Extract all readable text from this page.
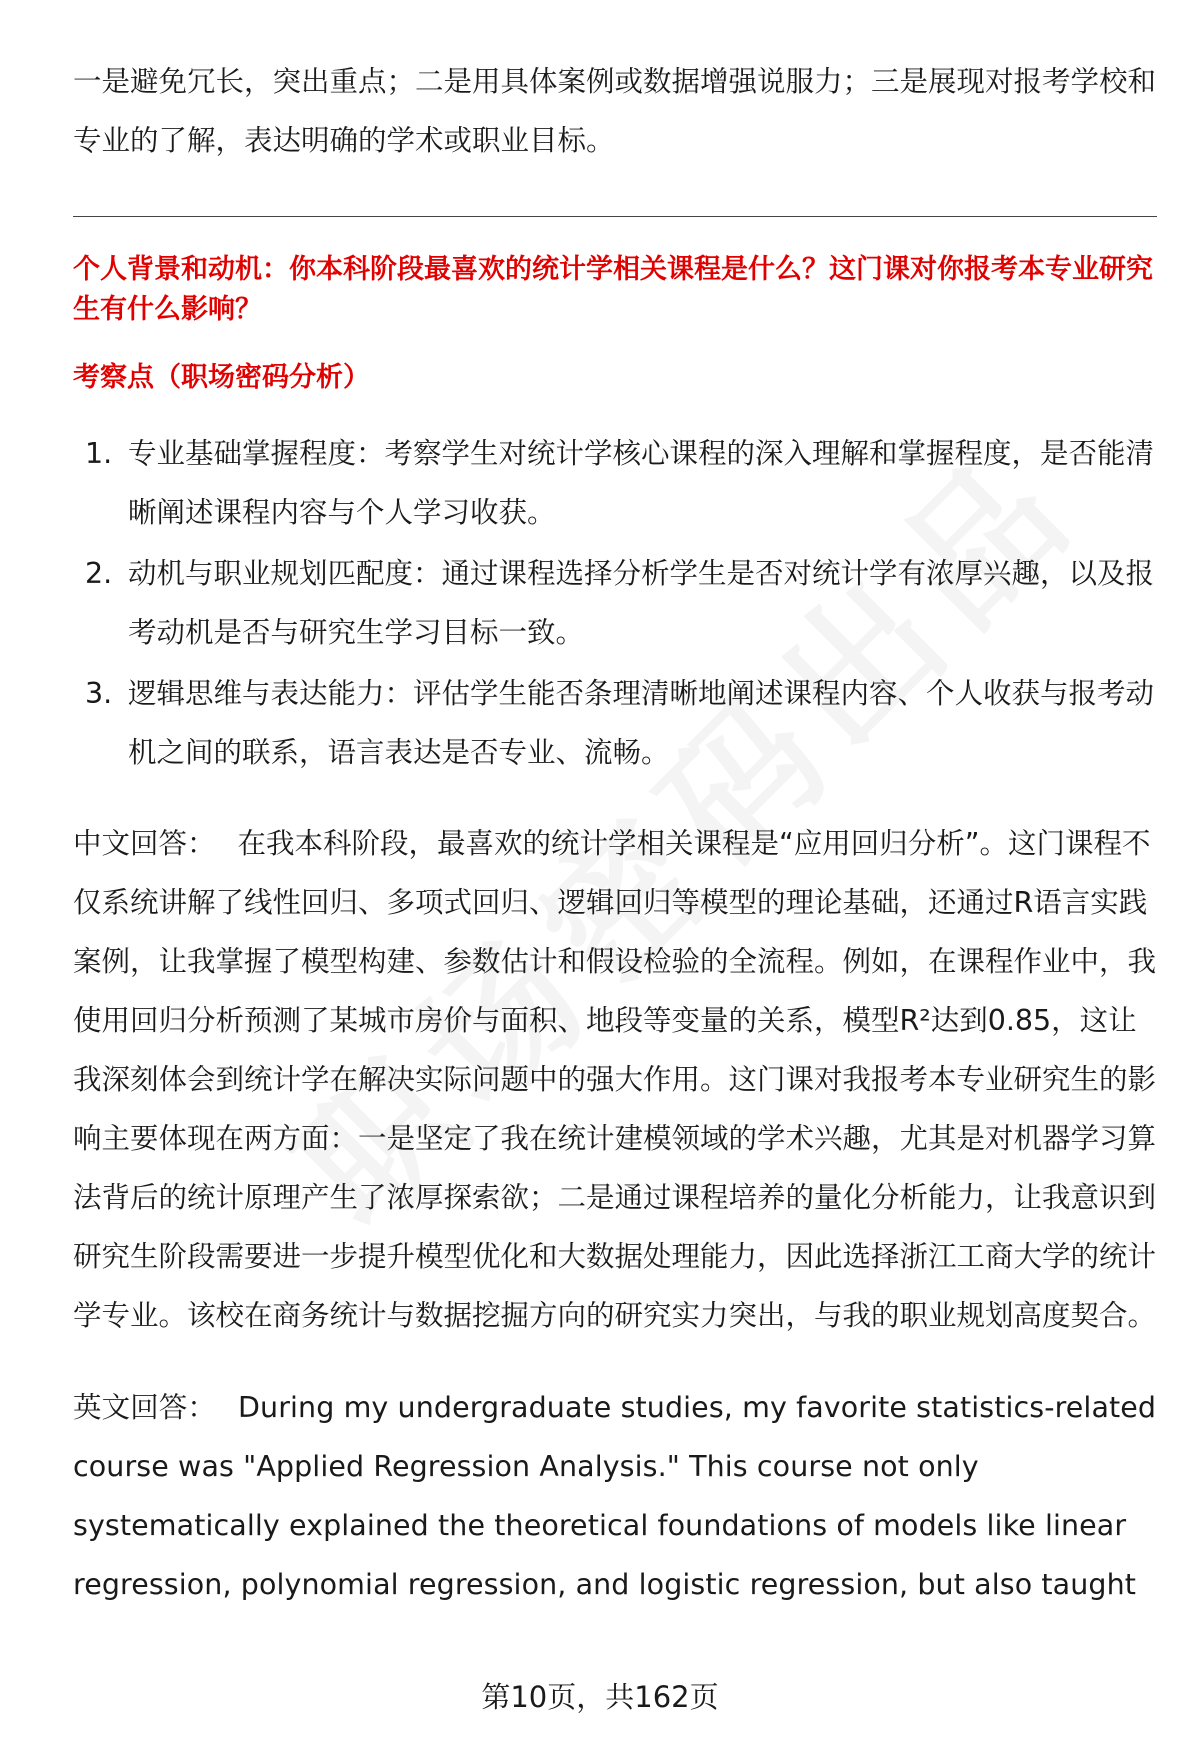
一是避免冗长，突出重点；二是用具体案例或数据增强说服力；三是展现对报考学校和专业的了解，表达明确的学术或职业目标。

个人背景和动机：你本科阶段最喜欢的统计学相关课程是什么？这门课对你报考本专业研究生有什么影响？
考察点（职场密码分析）
1. 专业基础掌握程度：考察学生对统计学核心课程的深入理解和掌握程度，是否能清晰阐述课程内容与个人学习收获。
2. 动机与职业规划匹配度：通过课程选择分析学生是否对统计学有浓厚兴趣，以及报考动机是否与研究生学习目标一致。
3. 逻辑思维与表达能力：评估学生能否条理清晰地阐述课程内容、个人收获与报考动机之间的联系，语言表达是否专业、流畅。

中文回答： 在我本科阶段，最喜欢的统计学相关课程是“应用回归分析”。这门课程不仅系统讲解了线性回归、多项式回归、逻辑回归等模型的理论基础，还通过R语言实践案例，让我掌握了模型构建、参数估计和假设检验的全流程。例如，在课程作业中，我使用回归分析预测了某城市房价与面积、地段等变量的关系，模型R²达到0.85，这让我深刻体会到统计学在解决实际问题中的强大作用。这门课对我报考本专业研究生的影响主要体现在两方面：一是坚定了我在统计建模领域的学术兴趣，尤其是对机器学习算法背后的统计原理产生了浓厚探索欲；二是通过课程培养的量化分析能力，让我意识到研究生阶段需要进一步提升模型优化和大数据处理能力，因此选择浙江工商大学的统计学专业。该校在商务统计与数据挖掘方向的研究实力突出，与我的职业规划高度契合。

英文回答： During my undergraduate studies, my favorite statistics-related course was "Applied Regression Analysis." This course not only systematically explained the theoretical foundations of models like linear regression, polynomial regression, and logistic regression, but also taught

第10页，共162页
